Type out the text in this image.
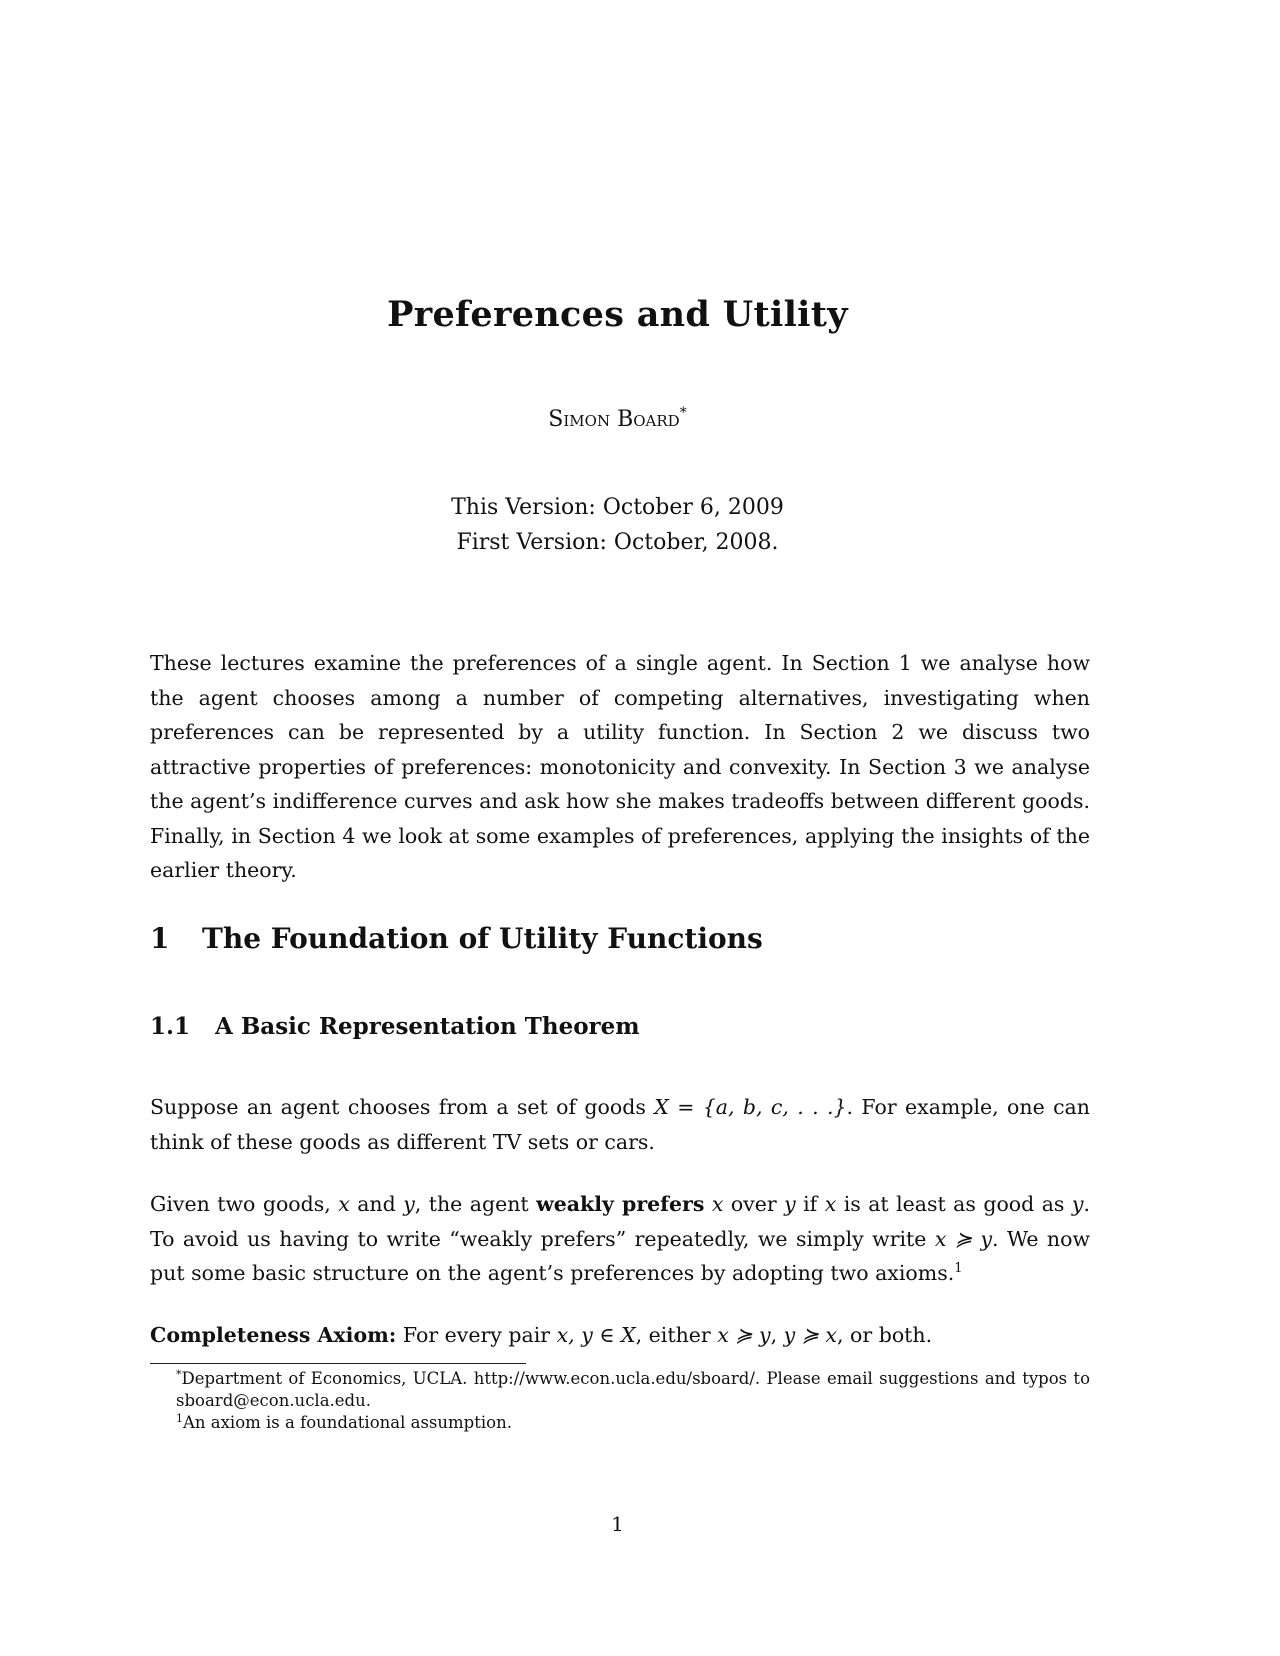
Preferences and Utility
Simon Board*
This Version: October 6, 2009
First Version: October, 2008.

These lectures examine the preferences of a single agent. In Section 1 we analyse how the agent chooses among a number of competing alternatives, investigating when preferences can be represented by a utility function. In Section 2 we discuss two attractive properties of preferences: monotonicity and convexity. In Section 3 we analyse the agent’s indifference curves and ask how she makes tradeoffs between different goods. Finally, in Section 4 we look at some examples of preferences, applying the insights of the earlier theory.

1 The Foundation of Utility Functions
1.1 A Basic Representation Theorem

Suppose an agent chooses from a set of goods X = {a, b, c, . . .}. For example, one can think of these goods as different TV sets or cars.

Given two goods, x and y, the agent weakly prefers x over y if x is at least as good as y. To avoid us having to write “weakly prefers” repeatedly, we simply write x ≽ y. We now put some basic structure on the agent’s preferences by adopting two axioms.$^1$

Completeness Axiom: For every pair x, y ∈ X, either x ≽ y, y ≽ x, or both.

*Department of Economics, UCLA. http://www.econ.ucla.edu/sboard/. Please email suggestions and typos to sboard@econ.ucla.edu.

$^1$An axiom is a foundational assumption.

1
